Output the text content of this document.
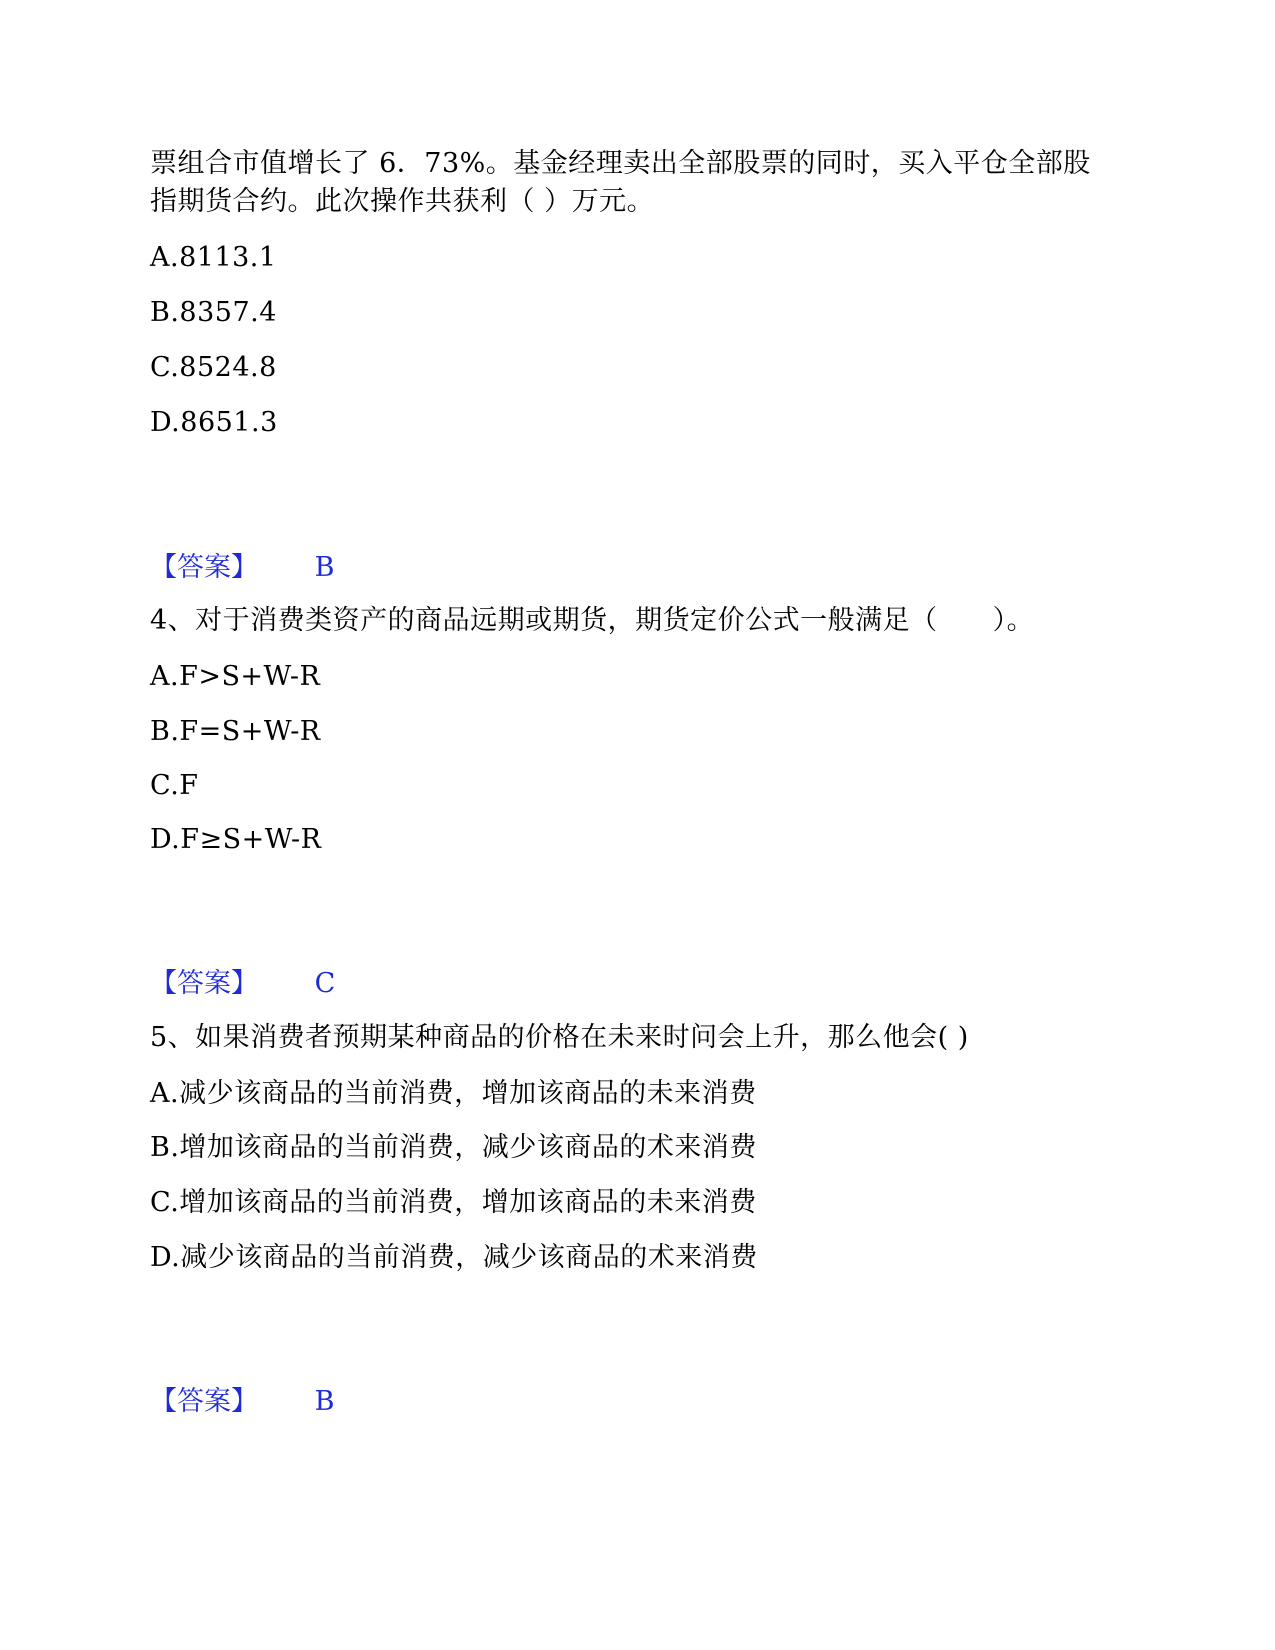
票组合市值增长了 6．73%。基金经理卖出全部股票的同时，买入平仓全部股
指期货合约。此次操作共获利（ ）万元。
A.8113.1
B.8357.4
C.8524.8
D.8651.3
【答案】 B
4、对于消费类资产的商品远期或期货，期货定价公式一般满足（　　）。
A.F>S+W-R
B.F=S+W-R
C.F
D.F≥S+W-R
【答案】 C
5、如果消费者预期某种商品的价格在未来时问会上升，那么他会( )
A.减少该商品的当前消费，增加该商品的未来消费
B.增加该商品的当前消费，减少该商品的术来消费
C.增加该商品的当前消费，增加该商品的未来消费
D.减少该商品的当前消费，减少该商品的术来消费
【答案】 B
